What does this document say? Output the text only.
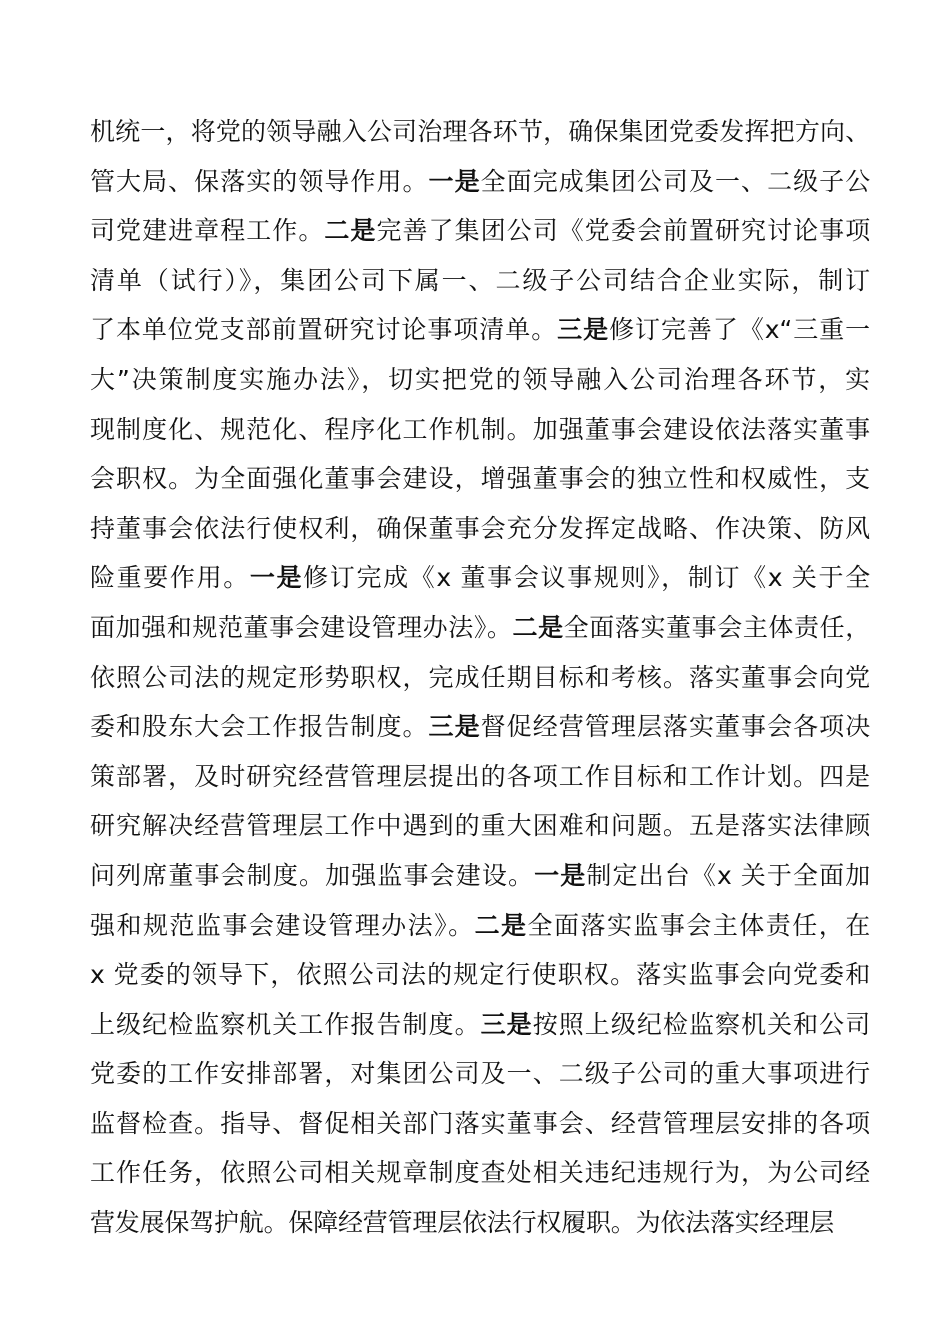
机统一，将党的领导融入公司治理各环节，确保集团党委发挥把方向、
管大局、保落实的领导作用。一是全面完成集团公司及一、二级子公
司党建进章程工作。二是完善了集团公司《党委会前置研究讨论事项
清单（试行）》，集团公司下属一、二级子公司结合企业实际，制订
了本单位党支部前置研究讨论事项清单。三是修订完善了《x“三重一
大”决策制度实施办法》，切实把党的领导融入公司治理各环节，实
现制度化、规范化、程序化工作机制。加强董事会建设依法落实董事
会职权。为全面强化董事会建设，增强董事会的独立性和权威性，支
持董事会依法行使权利，确保董事会充分发挥定战略、作决策、防风
险重要作用。一是修订完成《x 董事会议事规则》，制订《x 关于全
面加强和规范董事会建设管理办法》。二是全面落实董事会主体责任，
依照公司法的规定形势职权，完成任期目标和考核。落实董事会向党
委和股东大会工作报告制度。三是督促经营管理层落实董事会各项决
策部署，及时研究经营管理层提出的各项工作目标和工作计划。四是
研究解决经营管理层工作中遇到的重大困难和问题。五是落实法律顾
问列席董事会制度。加强监事会建设。一是制定出台《x 关于全面加
强和规范监事会建设管理办法》。二是全面落实监事会主体责任，在
x 党委的领导下，依照公司法的规定行使职权。落实监事会向党委和
上级纪检监察机关工作报告制度。三是按照上级纪检监察机关和公司
党委的工作安排部署，对集团公司及一、二级子公司的重大事项进行
监督检查。指导、督促相关部门落实董事会、经营管理层安排的各项
工作任务，依照公司相关规章制度查处相关违纪违规行为，为公司经
营发展保驾护航。保障经营管理层依法行权履职。为依法落实经理层
